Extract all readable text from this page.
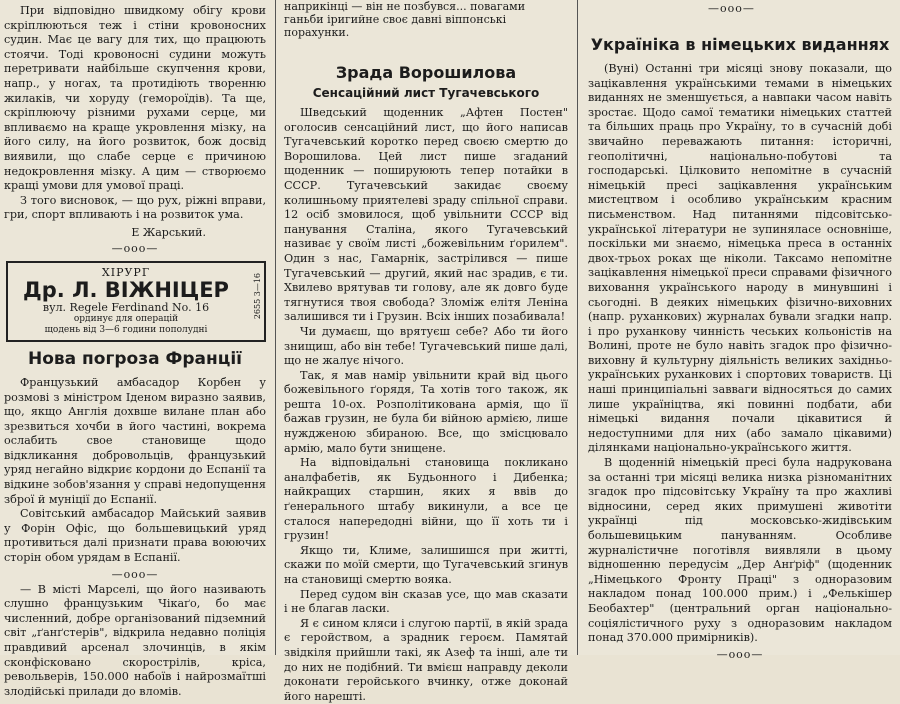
При відповідно швидкому обігу крови скріплюються теж і стіни кровоносних судин. Має це вагу для тих, що працюють стоячи. Тоді кровоносні судини можуть перетривати найбільше скупчення крови, напр., у ногах, та протидіють творенню жилаків, чи хоруду (гемороїдів). Та ще, скріплюючу різними рухами серце, ми впливаємо на краще укровлення мізку, на його силу, на його розвиток, бож досвід виявили, що слабе серце є причиною недокровлення мізку. А цим — створюємо кращі умови для умової праці.

З того висновок, — що рух, ріжні вправи, гри, спорт впливають і на розвиток ума.

Е Жарський.
—ooo—
ХІРУРГ
Др. Л. ВІЖНІЦЕР
вул. Regele Ferdinand No. 16
ординує для операцій
щодень від 3—6 години пополудні
2655 3—16
Нова погроза Франції

Французький амбасадор Корбен у розмові з міністром Іденом виразно заявив, що, якщо Англія дохвше вилане план або зрезвиться хочби в його частині, вокрема ослабить свое становище щодо відкликання добровольців, французький уряд негайно відкриє кордони до Еспанії та відкине зобов'язання у справі недопущення зброї й муніції до Еспанії.

Совітський амбасадор Майський заявив у Форін Офіс, що большевицький уряд противиться далі признати права воюючих сторін обом урядам в Еспанії.

—ooo—

— В місті Марселі, що його називають слушно французьким Чікаґо, бо має численний, добре організований підземний світ „ґанґстерів", відкрила недавно поліція правдивий арсенал злочинців, в якім сконфісковано скорострілів, кріса, револьверів, 150.000 набоїв і найрозмаїтші злодійські прилади до вломів.

наприкінці — він не позбувся... повагами ганьби іригийне своє давні віппонські порахунки.
Зрада Ворошилова
Сенсаційний лист Тугачевського

Шведський щоденник „Афтен Постен" оголосив сенсаційний лист, що його написав Тугачевський коротко перед своєю смертю до Ворошилова. Цей лист пише згаданий щоденник — пошируюють тепер потайки в СССР. Тугачевський закидає своєму колишньому приятелеві зраду спільної справи. 12 осіб змовилося, щоб увільнити СССР від панування Сталіна, якого Тугачевський називає у своїм листі „божевільним ґорилем". Один з нас, Гамарнік, застрілився — пише Тугачевський — другий, який нас зрадив, є ти. Хвилево врятував ти голову, але як довго буде тягнутися твоя свобода? Зломіж елітя Леніна залишився ти і Грузин. Всіх інших позабивала!

Чи думаєш, що врятуєш себе? Або ти його знищиш, або він тебе! Тугачевський пише далі, що не жалує нічого.

Так, я мав намір увільнити край від цього божевільного ґорядя, Та хотів того також, як решта 10-ох. Розполітикована армія, що її бажав грузин, не була би війною армією, лише нуждженою збираною. Все, що змісцювало армію, мало бути знищене.

На відповідальні становища покликано аналфабетів, як Будьонного і Дибенка; найкращих старшин, яких я ввів до ґенерального штабу викинули, а все це сталося напередодні війни, що її хоть ти і грузин!

Якщо ти, Климе, залишишся при житті, скажи по моїй смерти, що Тугачевський згинув на становищі смертю вояка.

Перед судом він сказав усе, що мав сказати і не благав ласки.

Я є сином кляси і слугою партії, в якій зрада є геройством, а зрадник героєм. Памятай звідкіля прийшли такі, як Азеф та інші, але ти до них не подібний. Ти вмієш направду деколи доконати геройського вчинку, отже доконай його нарешті.

—ooo—
Україніка в німецьких виданнях

(Вуні) Останні три місяці знову показали, що зацікавлення українськими темами в німецьких виданнях не зменшується, а навпаки часом навіть зростає. Щодо самої тематики німецьких статтей та більших праць про Україну, то в сучасній добі звичайно переважають питання: історичні, геополітичні, національно-побутові та господарські. Цілковито непомітне в сучасній німецькій пресі зацікавлення українським мистецтвом і особливо українським красним письменством. Над питаннями підсовітсько-української літератури не зупиняласе основніше, поскільки ми знаємо, німецька преса в останніх двох-трьох роках ще ніколи. Таксамо непомітне зацікавлення німецької преси справами фізичного виховання українського народу в минувшині і сьогодні. В деяких німецьких фізично-виховних (напр. руханкових) журналах бували згадки напр. і про руханкову чинність чеських кольоністів на Волині, проте не було навіть згадок про фізично-виховну й культурну діяльність великих західньо-українських руханкових і спортових товариств. Ці наші принципіальні завваги відносяться до самих лише україніцтва, які повинні подбати, аби німецькі видання почали цікавитися й недоступними для них (або замало цікавими) ділянками національно-українського життя.

В щоденній німецькій пресі була надрукована за останні три місяці велика низка різноманітних згадок про підсовітську Україну та про жахливі відносини, серед яких примушені животіти українці під московсько-жидівським большевицьким пануванням. Особливе журналістичне поготівля виявляли в цьому відношенню передусім „Дер Анґріф" (щоденник „Німецького Фронту Праці" з одноразовим накладом понад 100.000 прим.) і „Фелькішер Беобахтер" (центральний орган національно-соціялістичного руху з одноразовим накладом понад 370.000 примірників).

—ooo—
